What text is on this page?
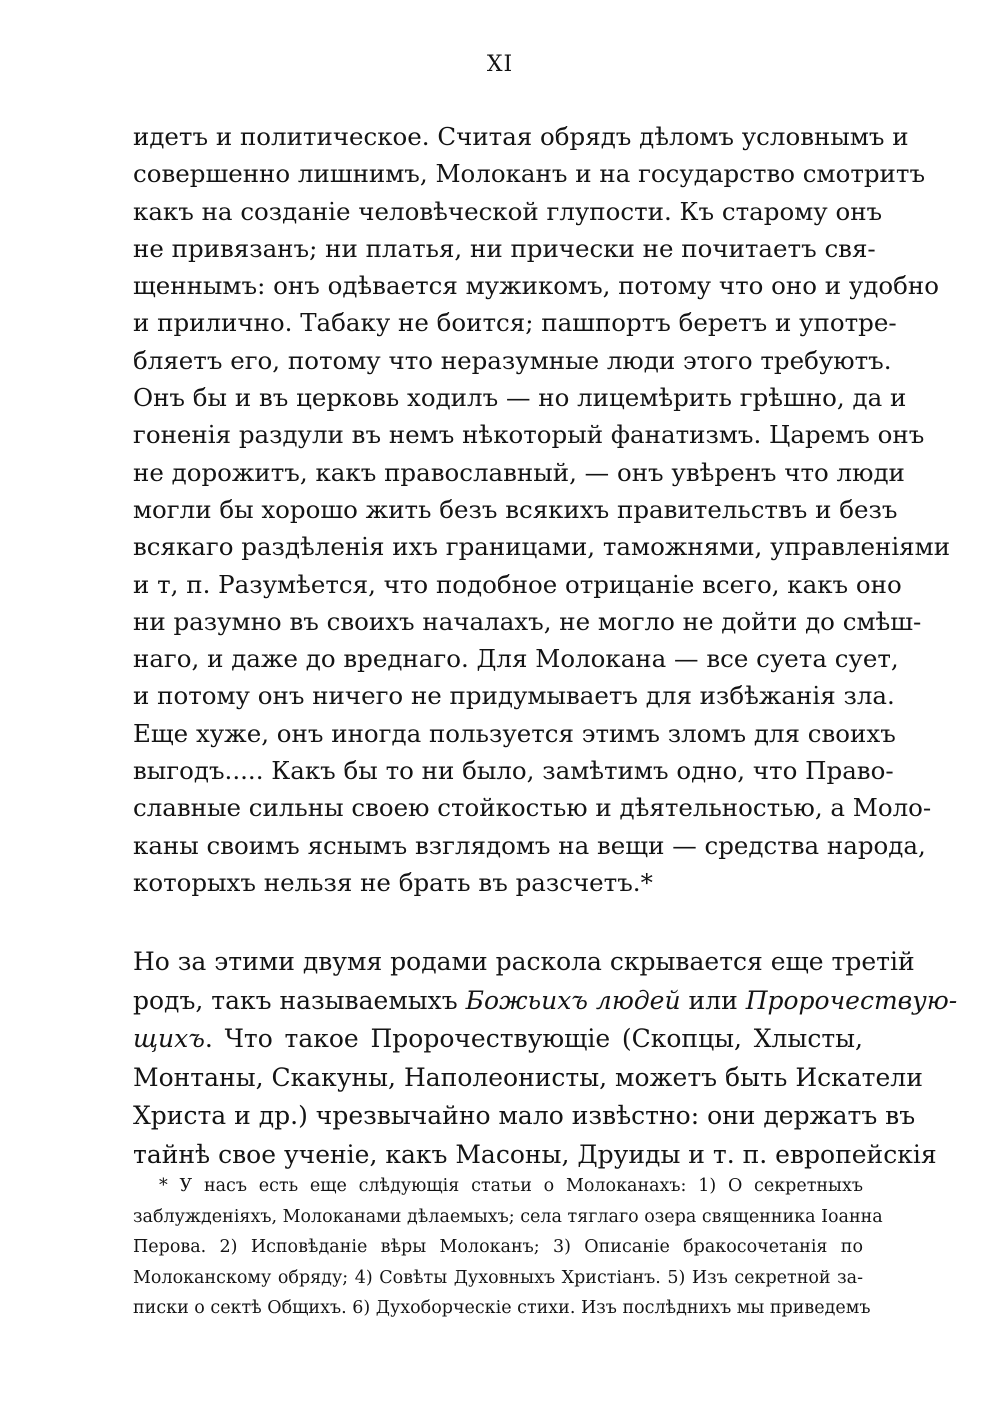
XI

идетъ и политическое. Считая обрядъ дѣломъ условнымъ и
совершенно лишнимъ, Молоканъ и на государство смотритъ
какъ на созданіе человѣческой глупости. Къ старому онъ
не привязанъ; ни платья, ни прически не почитаетъ свя-
щеннымъ: онъ одѣвается мужикомъ, потому что оно и удобно
и прилично. Табаку не боится; пашпортъ беретъ и употре-
бляетъ его, потому что неразумные люди этого требуютъ.
Онъ бы и въ церковь ходилъ — но лицемѣрить грѣшно, да и
гоненія раздули въ немъ нѣкоторый фанатизмъ. Царемъ онъ
не дорожитъ, какъ православный, — онъ увѣренъ что люди
могли бы хорошо жить безъ всякихъ правительствъ и безъ
всякаго раздѣленія ихъ границами, таможнями, управленіями
и т, п. Разумѣется, что подобное отрицаніе всего, какъ оно
ни разумно въ своихъ началахъ, не могло не дойти до смѣш-
наго, и даже до вреднаго. Для Молокана — все суета сует,
и потому онъ ничего не придумываетъ для избѣжанія зла.
Еще хуже, онъ иногда пользуется этимъ зломъ для своихъ
выгодъ..... Какъ бы то ни было, замѣтимъ одно, что Право-
славные сильны своею стойкостью и дѣятельностью, а Моло-
каны своимъ яснымъ взглядомъ на вещи — средства народа,
которыхъ нельзя не брать въ разсчетъ.*

Но за этими двумя родами раскола скрывается еще третій
родъ, такъ называемыхъ Божьихъ людей или Пророчествую-
щихъ. Что такое Пророчествующіе (Скопцы, Хлысты,
Монтаны, Скакуны, Наполеонисты, можетъ быть Искатели
Христа и др.) чрезвычайно мало извѣстно: они держатъ въ
тайнѣ свое ученіе, какъ Масоны, Друиды и т. п. европейскія

* У насъ есть еще слѣдующія статьи о Молоканахъ: 1) О секретныхъ
заблужденіяхъ, Молоканами дѣлаемыхъ; села тяглаго озера священника Іоанна
Перова. 2) Исповѣданіе вѣры Молоканъ; 3) Описаніе бракосочетанія по
Молоканскому обряду; 4) Совѣты Духовныхъ Христіанъ. 5) Изъ секретной за-
писки о сектѣ Общихъ. 6) Духоборческіе стихи. Изъ послѣднихъ мы приведемъ
